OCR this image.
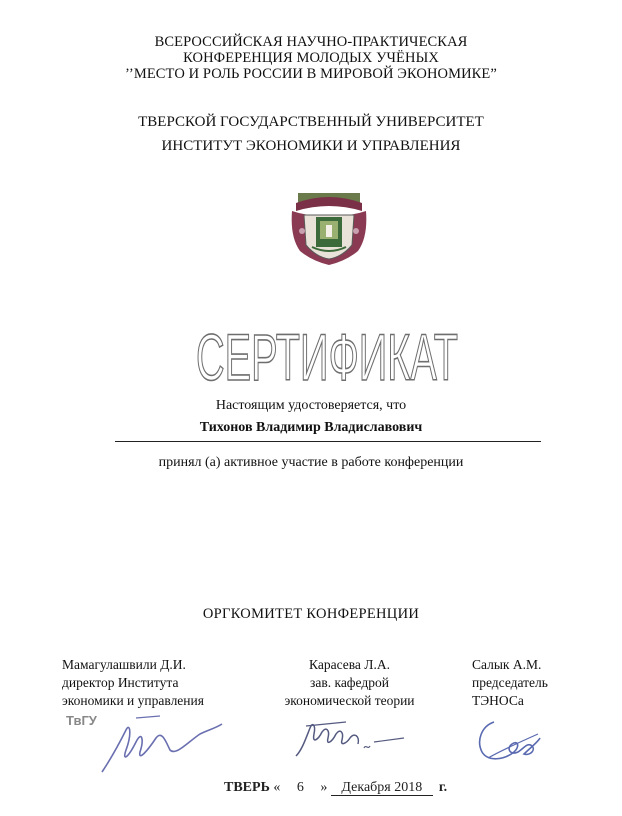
ВСЕРОССИЙСКАЯ НАУЧНО-ПРАКТИЧЕСКАЯ
КОНФЕРЕНЦИЯ МОЛОДЫХ УЧЁНЫХ
’’МЕСТО И РОЛЬ РОССИИ В МИРОВОЙ ЭКОНОМИКЕ”
ТВЕРСКОЙ ГОСУДАРСТВЕННЫЙ УНИВЕРСИТЕТ
ИНСТИТУТ ЭКОНОМИКИ И УПРАВЛЕНИЯ
СЕРТИФИКАТ
Настоящим удостоверяется, что
Тихонов Владимир Владиславович
принял (а) активное участие в работе конференции
ОРГКОМИТЕТ КОНФЕРЕНЦИИ
Мамагулашвили Д.И.
директор Института
экономики и управления
Карасева Л.А.
зав. кафедрой
экономической теории
Салык А.М.
председатель
ТЭНОСа
ТвГУ
ТВЕРЬ « 6 » Декабря 2018 г.
